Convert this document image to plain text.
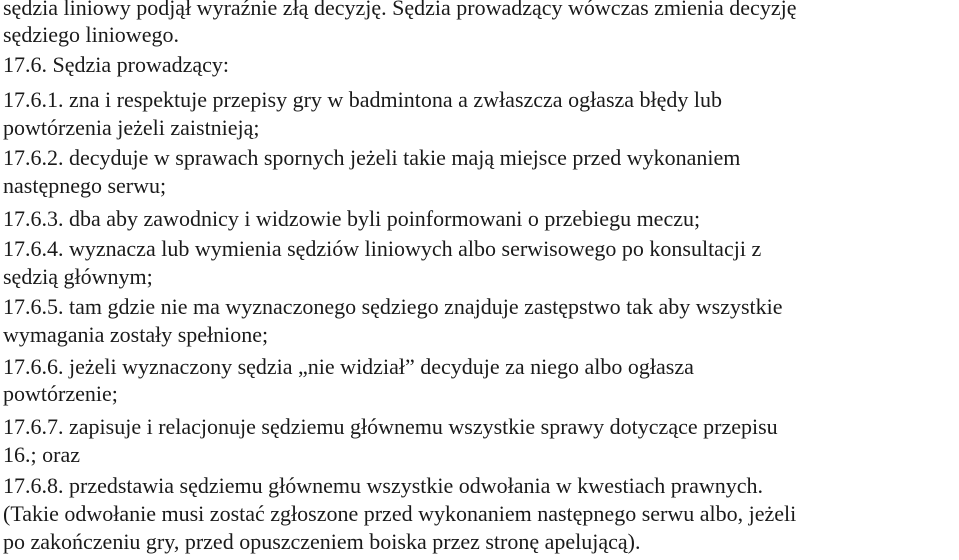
sędzia liniowy podjął wyraźnie złą decyzję. Sędzia prowadzący wówczas zmienia decyzję
sędziego liniowego.
17.6. Sędzia prowadzący:
17.6.1. zna i respektuje przepisy gry w badmintona a zwłaszcza ogłasza błędy lub
powtórzenia jeżeli zaistnieją;
17.6.2. decyduje w sprawach spornych jeżeli takie mają miejsce przed wykonaniem
następnego serwu;
17.6.3. dba aby zawodnicy i widzowie byli poinformowani o przebiegu meczu;
17.6.4. wyznacza lub wymienia sędziów liniowych albo serwisowego po konsultacji z
sędzią głównym;
17.6.5. tam gdzie nie ma wyznaczonego sędziego znajduje zastępstwo tak aby wszystkie
wymagania zostały spełnione;
17.6.6. jeżeli wyznaczony sędzia „nie widział” decyduje za niego albo ogłasza
powtórzenie;
17.6.7. zapisuje i relacjonuje sędziemu głównemu wszystkie sprawy dotyczące przepisu
16.; oraz
17.6.8. przedstawia sędziemu głównemu wszystkie odwołania w kwestiach prawnych.
(Takie odwołanie musi zostać zgłoszone przed wykonaniem następnego serwu albo, jeżeli
po zakończeniu gry, przed opuszczeniem boiska przez stronę apelującą).
